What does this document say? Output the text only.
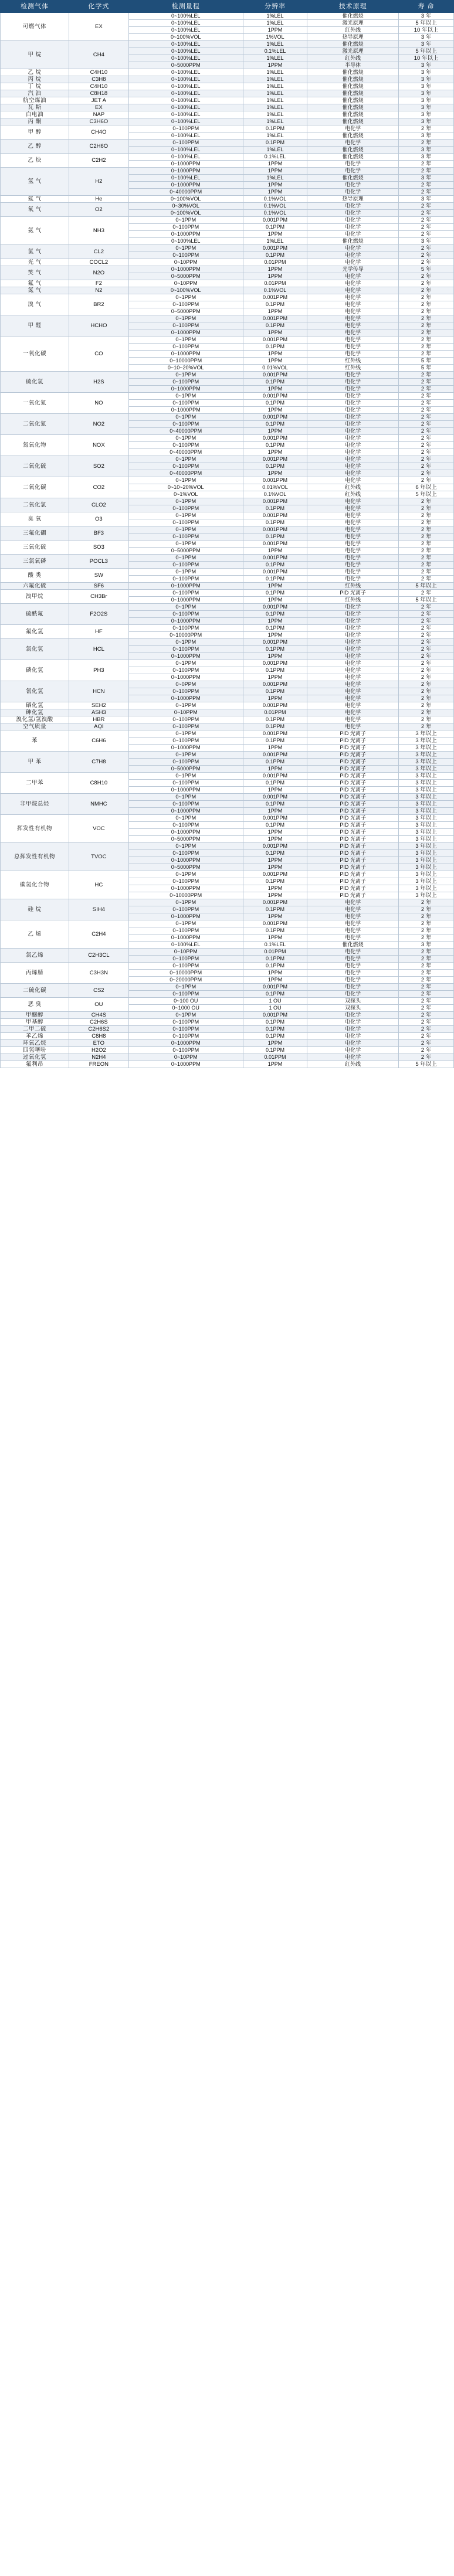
检测气体	化学式	检测量程	分辨率	技术原理	寿 命
可燃气体	EX	0~100%LEL	1%LEL	催化燃烧	3 年
		0~100%LEL	1%LEL	激光原理	5 年以上
		0~100%LEL	1PPM	红外线	10 年以上
		0~100%VOL	1%VOL	热导原理	3 年
甲 烷	CH4	0~100%LEL	1%LEL	催化燃烧	3 年
		0~100%LEL	0.1%LEL	激光原理	5 年以上
		0~100%LEL	1%LEL	红外线	10 年以上
		0~5000PPM	1PPM	半导体	3 年
乙 烷	C4H10	0~100%LEL	1%LEL	催化燃烧	3 年
丙 烷	C3H8	0~100%LEL	1%LEL	催化燃烧	3 年
丁 烷	C4H10	0~100%LEL	1%LEL	催化燃烧	3 年
汽 油	C8H18	0~100%LEL	1%LEL	催化燃烧	3 年
航空煤油	JET A	0~100%LEL	1%LEL	催化燃烧	3 年
瓦 斯	EX	0~100%LEL	1%LEL	催化燃烧	3 年
白电油	NAP	0~100%LEL	1%LEL	催化燃烧	3 年
丙 酮	C3H6O	0~100%LEL	1%LEL	催化燃烧	3 年
甲 醇	CH4O	0~100PPM	0.1PPM	电化学	2 年
		0~100%LEL	1%LEL	催化燃烧	3 年
乙 醇	C2H6O	0~100PPM	0.1PPM	电化学	2 年
		0~100%LEL	1%LEL	催化燃烧	3 年
乙 炔	C2H2	0~100%LEL	0.1%LEL	催化燃烧	3 年
		0~1000PPM	1PPM	电化学	2 年
氢 气	H2	0~1000PPM	1PPM	电化学	2 年
		0~100%LEL	1%LEL	催化燃烧	3 年
		0~1000PPM	1PPM	电化学	2 年
		0~40000PPM	1PPM	电化学	2 年
氦 气	He	0~100%VOL	0.1%VOL	热导原理	3 年
氧 气	O2	0~30%VOL	0.1%VOL	电化学	2 年
		0~100%VOL	0.1%VOL	电化学	2 年
氨 气	NH3	0~1PPM	0.001PPM	电化学	2 年
		0~100PPM	0.1PPM	电化学	2 年
		0~1000PPM	1PPM	电化学	2 年
		0~100%LEL	1%LEL	催化燃烧	3 年
氯 气	CL2	0~1PPM	0.001PPM	电化学	2 年
		0~100PPM	0.1PPM	电化学	2 年
光 气	COCL2	0~10PPM	0.01PPM	电化学	2 年
笑 气	N2O	0~1000PPM	1PPM	光学传导	5 年
		0~5000PPM	1PPM	电化学	2 年
氟 气	F2	0~10PPM	0.01PPM	电化学	2 年
氮 气	N2	0~100%VOL	0.1%VOL	电化学	2 年
溴 气	BR2	0~1PPM	0.001PPM	电化学	2 年
		0~100PPM	0.1PPM	电化学	2 年
		0~5000PPM	1PPM	电化学	2 年
甲 醛	HCHO	0~1PPM	0.001PPM	电化学	2 年
		0~100PPM	0.1PPM	电化学	2 年
		0~1000PPM	1PPM	电化学	2 年
一氧化碳	CO	0~1PPM	0.001PPM	电化学	2 年
		0~100PPM	0.1PPM	电化学	2 年
		0~1000PPM	1PPM	电化学	2 年
		0~10000PPM	1PPM	红外线	5 年
		0~10~20%VOL	0.01%VOL	红外线	5 年
硫化氢	H2S	0~1PPM	0.001PPM	电化学	2 年
		0~100PPM	0.1PPM	电化学	2 年
		0~1000PPM	1PPM	电化学	2 年
一氧化氮	NO	0~1PPM	0.001PPM	电化学	2 年
		0~100PPM	0.1PPM	电化学	2 年
		0~1000PPM	1PPM	电化学	2 年
二氧化氮	NO2	0~1PPM	0.001PPM	电化学	2 年
		0~100PPM	0.1PPM	电化学	2 年
		0~40000PPM	1PPM	电化学	2 年
氮氧化物	NOX	0~1PPM	0.001PPM	电化学	2 年
		0~100PPM	0.1PPM	电化学	2 年
		0~40000PPM	1PPM	电化学	2 年
二氧化硫	SO2	0~1PPM	0.001PPM	电化学	2 年
		0~100PPM	0.1PPM	电化学	2 年
		0~40000PPM	1PPM	电化学	2 年
二氧化碳	CO2	0~1PPM	0.001PPM	电化学	2 年
		0~10~20%VOL	0.01%VOL	红外线	6 年以上
		0~1%VOL	0.1%VOL	红外线	5 年以上
二氧化氯	CLO2	0~1PPM	0.001PPM	电化学	2 年
		0~100PPM	0.1PPM	电化学	2 年
臭 氧	O3	0~1PPM	0.001PPM	电化学	2 年
		0~100PPM	0.1PPM	电化学	2 年
三氟化硼	BF3	0~1PPM	0.001PPM	电化学	2 年
		0~100PPM	0.1PPM	电化学	2 年
三氧化硫	SO3	0~1PPM	0.001PPM	电化学	2 年
		0~5000PPM	1PPM	电化学	2 年
三氯氧磷	POCL3	0~1PPM	0.001PPM	电化学	2 年
		0~100PPM	0.1PPM	电化学	2 年
酸 类	SW	0~1PPM	0.001PPM	电化学	2 年
		0~100PPM	0.1PPM	电化学	2 年
六氟化硫	SF6	0~1000PPM	1PPM	红外线	5 年以上
溴甲烷	CH3Br	0~100PPM	0.1PPM	PID 光离子	2 年
		0~1000PPM	1PPM	红外线	5 年以上
硫酰氟	F2O2S	0~1PPM	0.001PPM	电化学	2 年
		0~100PPM	0.1PPM	电化学	2 年
		0~1000PPM	1PPM	电化学	2 年
氟化氢	HF	0~100PPM	0.1PPM	电化学	2 年
		0~10000PPM	1PPM	电化学	2 年
氯化氢	HCL	0~1PPM	0.001PPM	电化学	2 年
		0~100PPM	0.1PPM	电化学	2 年
		0~1000PPM	1PPM	电化学	2 年
磷化氢	PH3	0~1PPM	0.001PPM	电化学	2 年
		0~100PPM	0.1PPM	电化学	2 年
		0~1000PPM	1PPM	电化学	2 年
氰化氢	HCN	0~0PPM	0.001PPM	电化学	2 年
		0~100PPM	0.1PPM	电化学	2 年
		0~1000PPM	1PPM	电化学	2 年
硒化氢	SEH2	0~1PPM	0.001PPM	电化学	2 年
砷化氢	ASH3	0~10PPM	0.01PPM	电化学	2 年
溴化氢/氢溴酸	HBR	0~100PPM	0.1PPM	电化学	2 年
空气质量	AQI	0~100PPM	0.1PPM	电化学	2 年
苯	C6H6	0~1PPM	0.001PPM	PID 光离子	3 年以上
		0~100PPM	0.1PPM	PID 光离子	3 年以上
		0~1000PPM	1PPM	PID 光离子	3 年以上
甲 苯	C7H8	0~1PPM	0.001PPM	PID 光离子	3 年以上
		0~100PPM	0.1PPM	PID 光离子	3 年以上
		0~5000PPM	1PPM	PID 光离子	3 年以上
二甲苯	C8H10	0~1PPM	0.001PPM	PID 光离子	3 年以上
		0~100PPM	0.1PPM	PID 光离子	3 年以上
		0~1000PPM	1PPM	PID 光离子	3 年以上
非甲烷总烃	NMHC	0~1PPM	0.001PPM	PID 光离子	3 年以上
		0~100PPM	0.1PPM	PID 光离子	3 年以上
		0~1000PPM	1PPM	PID 光离子	3 年以上
挥发性有机物	VOC	0~1PPM	0.001PPM	PID 光离子	3 年以上
		0~100PPM	0.1PPM	PID 光离子	3 年以上
		0~1000PPM	1PPM	PID 光离子	3 年以上
		0~5000PPM	1PPM	PID 光离子	3 年以上
总挥发性有机物	TVOC	0~1PPM	0.001PPM	PID 光离子	3 年以上
		0~100PPM	0.1PPM	PID 光离子	3 年以上
		0~1000PPM	1PPM	PID 光离子	3 年以上
		0~5000PPM	1PPM	PID 光离子	3 年以上
碳氢化合物	HC	0~1PPM	0.001PPM	PID 光离子	3 年以上
		0~100PPM	0.1PPM	PID 光离子	3 年以上
		0~1000PPM	1PPM	PID 光离子	3 年以上
		0~10000PPM	1PPM	PID 光离子	3 年以上
硅 烷	SIH4	0~1PPM	0.001PPM	电化学	2 年
		0~100PPM	0.1PPM	电化学	2 年
		0~1000PPM	1PPM	电化学	2 年
乙 烯	C2H4	0~1PPM	0.001PPM	电化学	2 年
		0~100PPM	0.1PPM	电化学	2 年
		0~1000PPM	1PPM	电化学	2 年
		0~100%LEL	0.1%LEL	催化燃烧	3 年
氯乙烯	C2H3CL	0~10PPM	0.01PPM	电化学	2 年
		0~100PPM	0.1PPM	电化学	2 年
丙烯腈	C3H3N	0~100PPM	0.1PPM	电化学	2 年
		0~10000PPM	1PPM	电化学	2 年
		0~20000PPM	1PPM	电化学	2 年
二硫化碳	CS2	0~1PPM	0.001PPM	电化学	2 年
		0~100PPM	0.1PPM	电化学	2 年
恶 臭	OU	0~100 OU	1 OU	双探头	2 年
		0~1000 OU	1 OU	双探头	2 年
甲醚醇	CH4S	0~1PPM	0.001PPM	电化学	2 年
甲基醇	C2H6S	0~100PPM	0.1PPM	电化学	2 年
二甲二硫	C2H6S2	0~100PPM	0.1PPM	电化学	2 年
苯乙烯	C8H8	0~100PPM	0.1PPM	电化学	2 年
环氧乙烷	ETO	0~1000PPM	1PPM	电化学	2 年
四氢噻吩	H2O2	0~100PPM	0.1PPM	电化学	2 年
过氧化氢	N2H4	0~10PPM	0.01PPM	电化学	2 年
氟利昂	FREON	0~1000PPM	1PPM	红外线	5 年以上
